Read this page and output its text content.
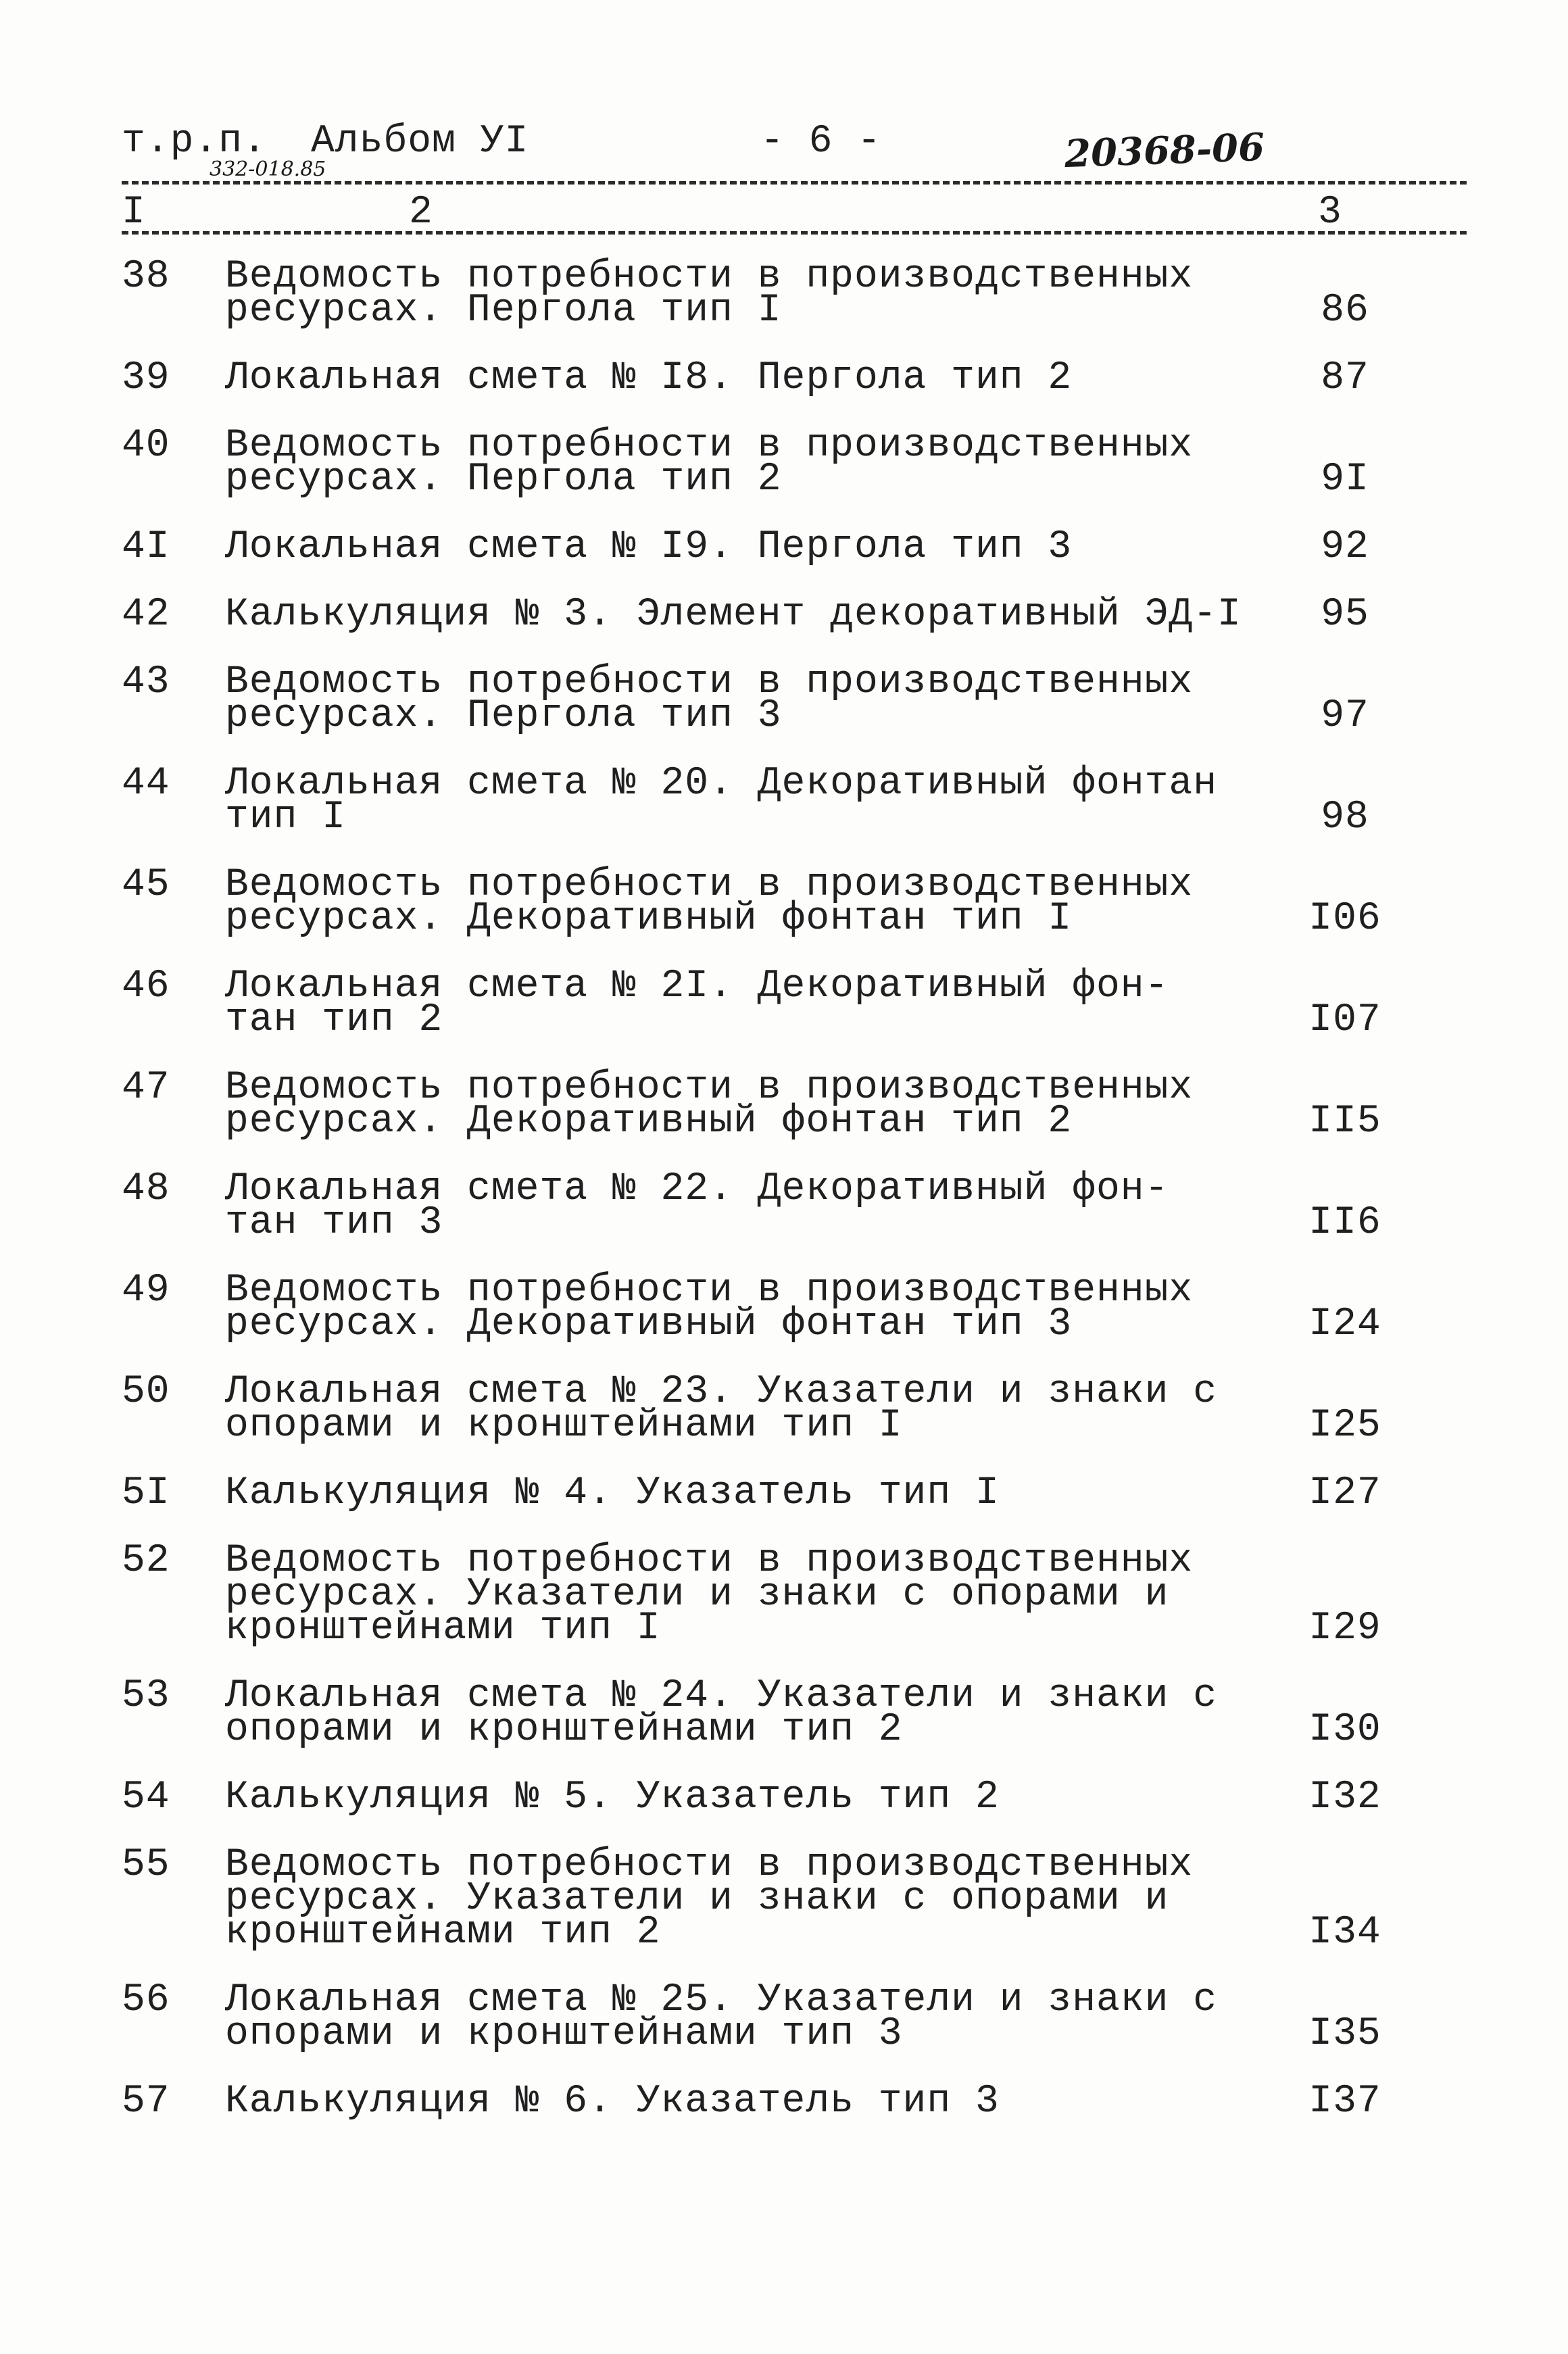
т.р.п. Альбом УI	- 6 -	20368-06
332-018.85
I	2	3
38	Ведомость потребности в производственных
ресурсах. Пергола тип I	86
39	Локальная смета № I8. Пергола тип 2	87
40	Ведомость потребности в производственных
ресурсах. Пергола тип 2	9I
4I	Локальная смета № I9. Пергола тип 3	92
42	Калькуляция № 3. Элемент декоративный ЭД-I	95
43	Ведомость потребности в производственных
ресурсах. Пергола тип 3	97
44	Локальная смета № 20. Декоративный фонтан
тип I	98
45	Ведомость потребности в производственных
ресурсах. Декоративный фонтан тип I	I06
46	Локальная смета № 2I. Декоративный фон-
тан тип 2	I07
47	Ведомость потребности в производственных
ресурсах. Декоративный фонтан тип 2	II5
48	Локальная смета № 22. Декоративный фон-
тан тип 3	II6
49	Ведомость потребности в производственных
ресурсах. Декоративный фонтан тип 3	I24
50	Локальная смета № 23. Указатели и знаки с
опорами и кронштейнами тип I	I25
5I	Калькуляция № 4. Указатель тип I	I27
52	Ведомость потребности в производственных
ресурсах. Указатели и знаки с опорами и
кронштейнами тип I	I29
53	Локальная смета № 24. Указатели и знаки с
опорами и кронштейнами тип 2	I30
54	Калькуляция № 5. Указатель тип 2	I32
55	Ведомость потребности в производственных
ресурсах. Указатели и знаки с опорами и
кронштейнами тип 2	I34
56	Локальная смета № 25. Указатели и знаки с
опорами и кронштейнами тип 3	I35
57	Калькуляция № 6. Указатель тип 3	I37
